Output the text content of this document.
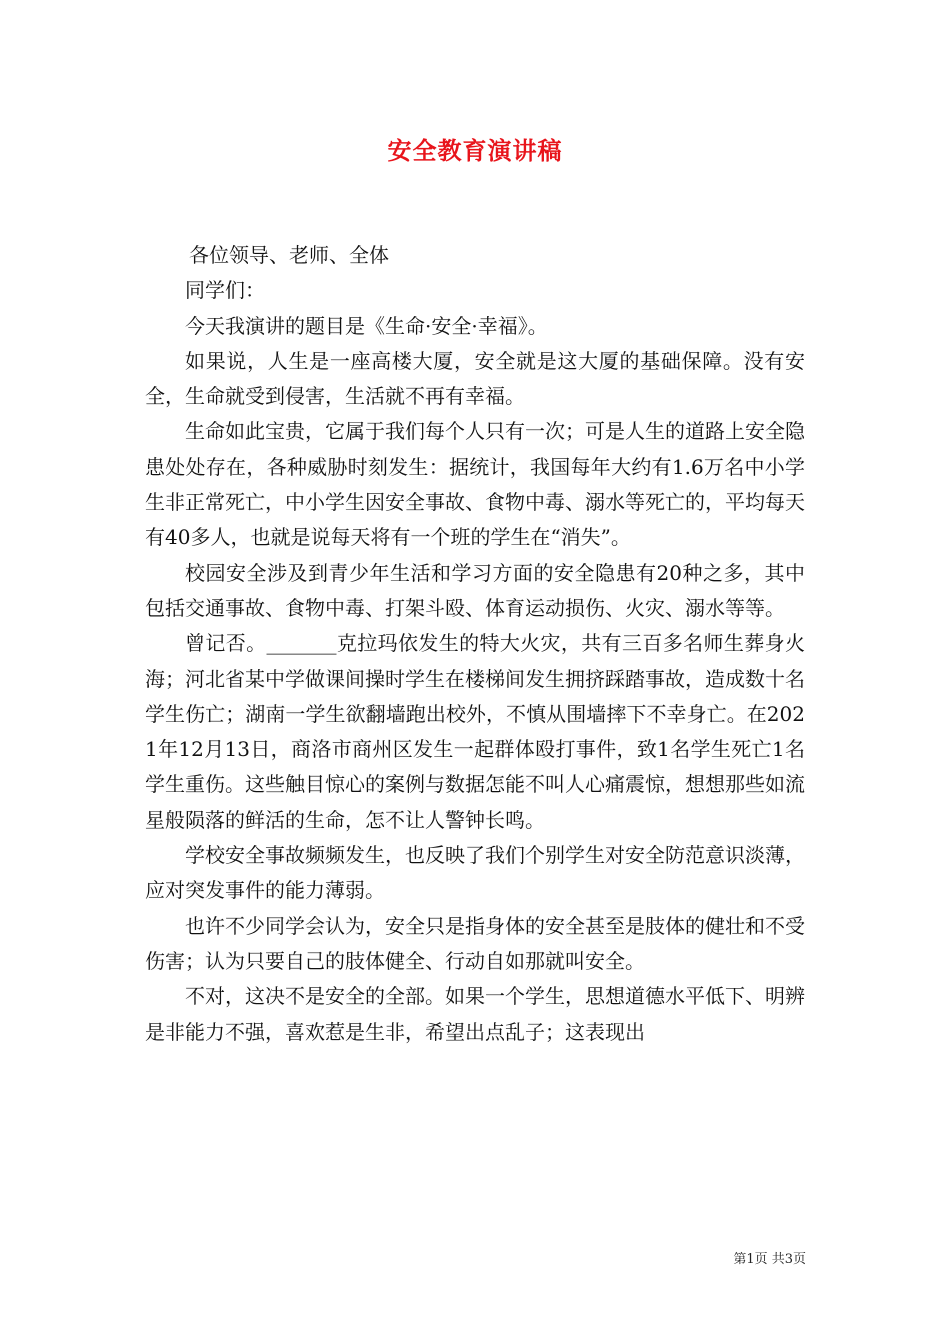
安全教育演讲稿

各位领导、老师、全体

同学们：

今天我演讲的题目是《生命·安全·幸福》。

如果说，人生是一座高楼大厦，安全就是这大厦的基础保障。没有安全，生命就受到侵害，生活就不再有幸福。

生命如此宝贵，它属于我们每个人只有一次；可是人生的道路上安全隐患处处存在，各种威胁时刻发生：据统计，我国每年大约有1.6万名中小学生非正常死亡，中小学生因安全事故、食物中毒、溺水等死亡的，平均每天有40多人，也就是说每天将有一个班的学生在“消失”。

校园安全涉及到青少年生活和学习方面的安全隐患有20种之多，其中包括交通事故、食物中毒、打架斗殴、体育运动损伤、火灾、溺水等等。

曾记否。_______克拉玛依发生的特大火灾，共有三百多名师生葬身火海；河北省某中学做课间操时学生在楼梯间发生拥挤踩踏事故，造成数十名学生伤亡；湖南一学生欲翻墙跑出校外，不慎从围墙摔下不幸身亡。在2021年12月13日，商洛市商州区发生一起群体殴打事件，致1名学生死亡1名学生重伤。这些触目惊心的案例与数据怎能不叫人心痛震惊，想想那些如流星般陨落的鲜活的生命，怎不让人警钟长鸣。

学校安全事故频频发生，也反映了我们个别学生对安全防范意识淡薄，应对突发事件的能力薄弱。

也许不少同学会认为，安全只是指身体的安全甚至是肢体的健壮和不受伤害；认为只要自己的肢体健全、行动自如那就叫安全。

不对，这决不是安全的全部。如果一个学生，思想道德水平低下、明辨是非能力不强，喜欢惹是生非，希望出点乱子；这表现出

第1页 共3页
